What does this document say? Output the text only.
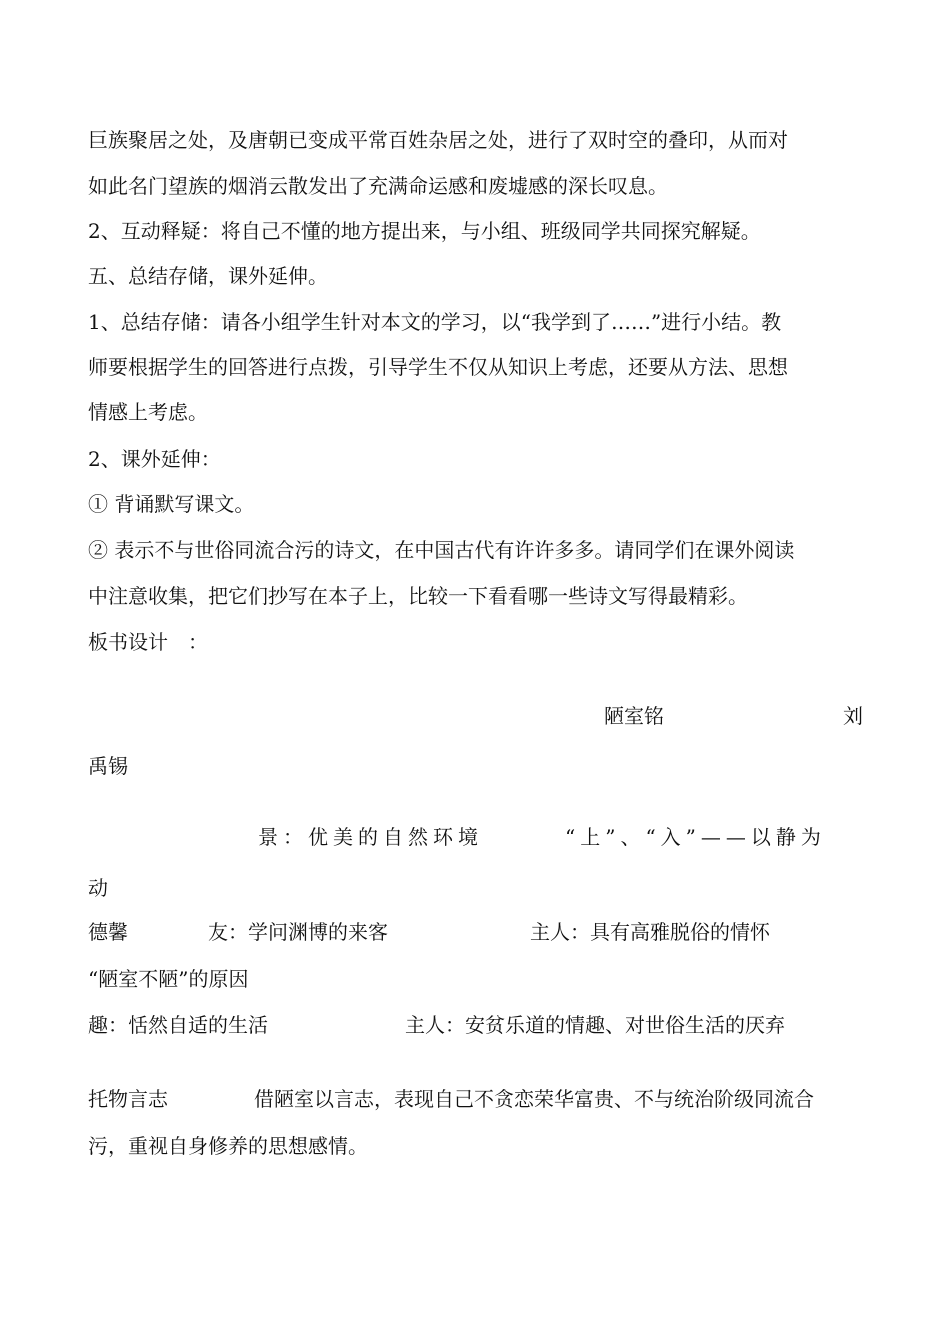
巨族聚居之处，及唐朝已变成平常百姓杂居之处，进行了双时空的叠印，从而对
如此名门望族的烟消云散发出了充满命运感和废墟感的深长叹息。
2、互动释疑：将自己不懂的地方提出来，与小组、班级同学共同探究解疑。
五、总结存储，课外延伸。
1、总结存储：请各小组学生针对本文的学习，以“我学到了……”进行小结。教
师要根据学生的回答进行点拨，引导学生不仅从知识上考虑，还要从方法、思想
情感上考虑。
2、课外延伸：
① 背诵默写课文。
② 表示不与世俗同流合污的诗文，在中国古代有许许多多。请同学们在课外阅读
中注意收集，把它们抄写在本子上，比较一下看看哪一些诗文写得最精彩。
板书设计　：
陋室铭	刘
禹锡
景：优美的自然环境	“上”、“入”——以静为
动
德馨	友：学问渊博的来客	主人：具有高雅脱俗的情怀
“陋室不陋”的原因
趣：恬然自适的生活	主人：安贫乐道的情趣、对世俗生活的厌弃
托物言志	借陋室以言志，表现自己不贪恋荣华富贵、不与统治阶级同流合
污，重视自身修养的思想感情。
